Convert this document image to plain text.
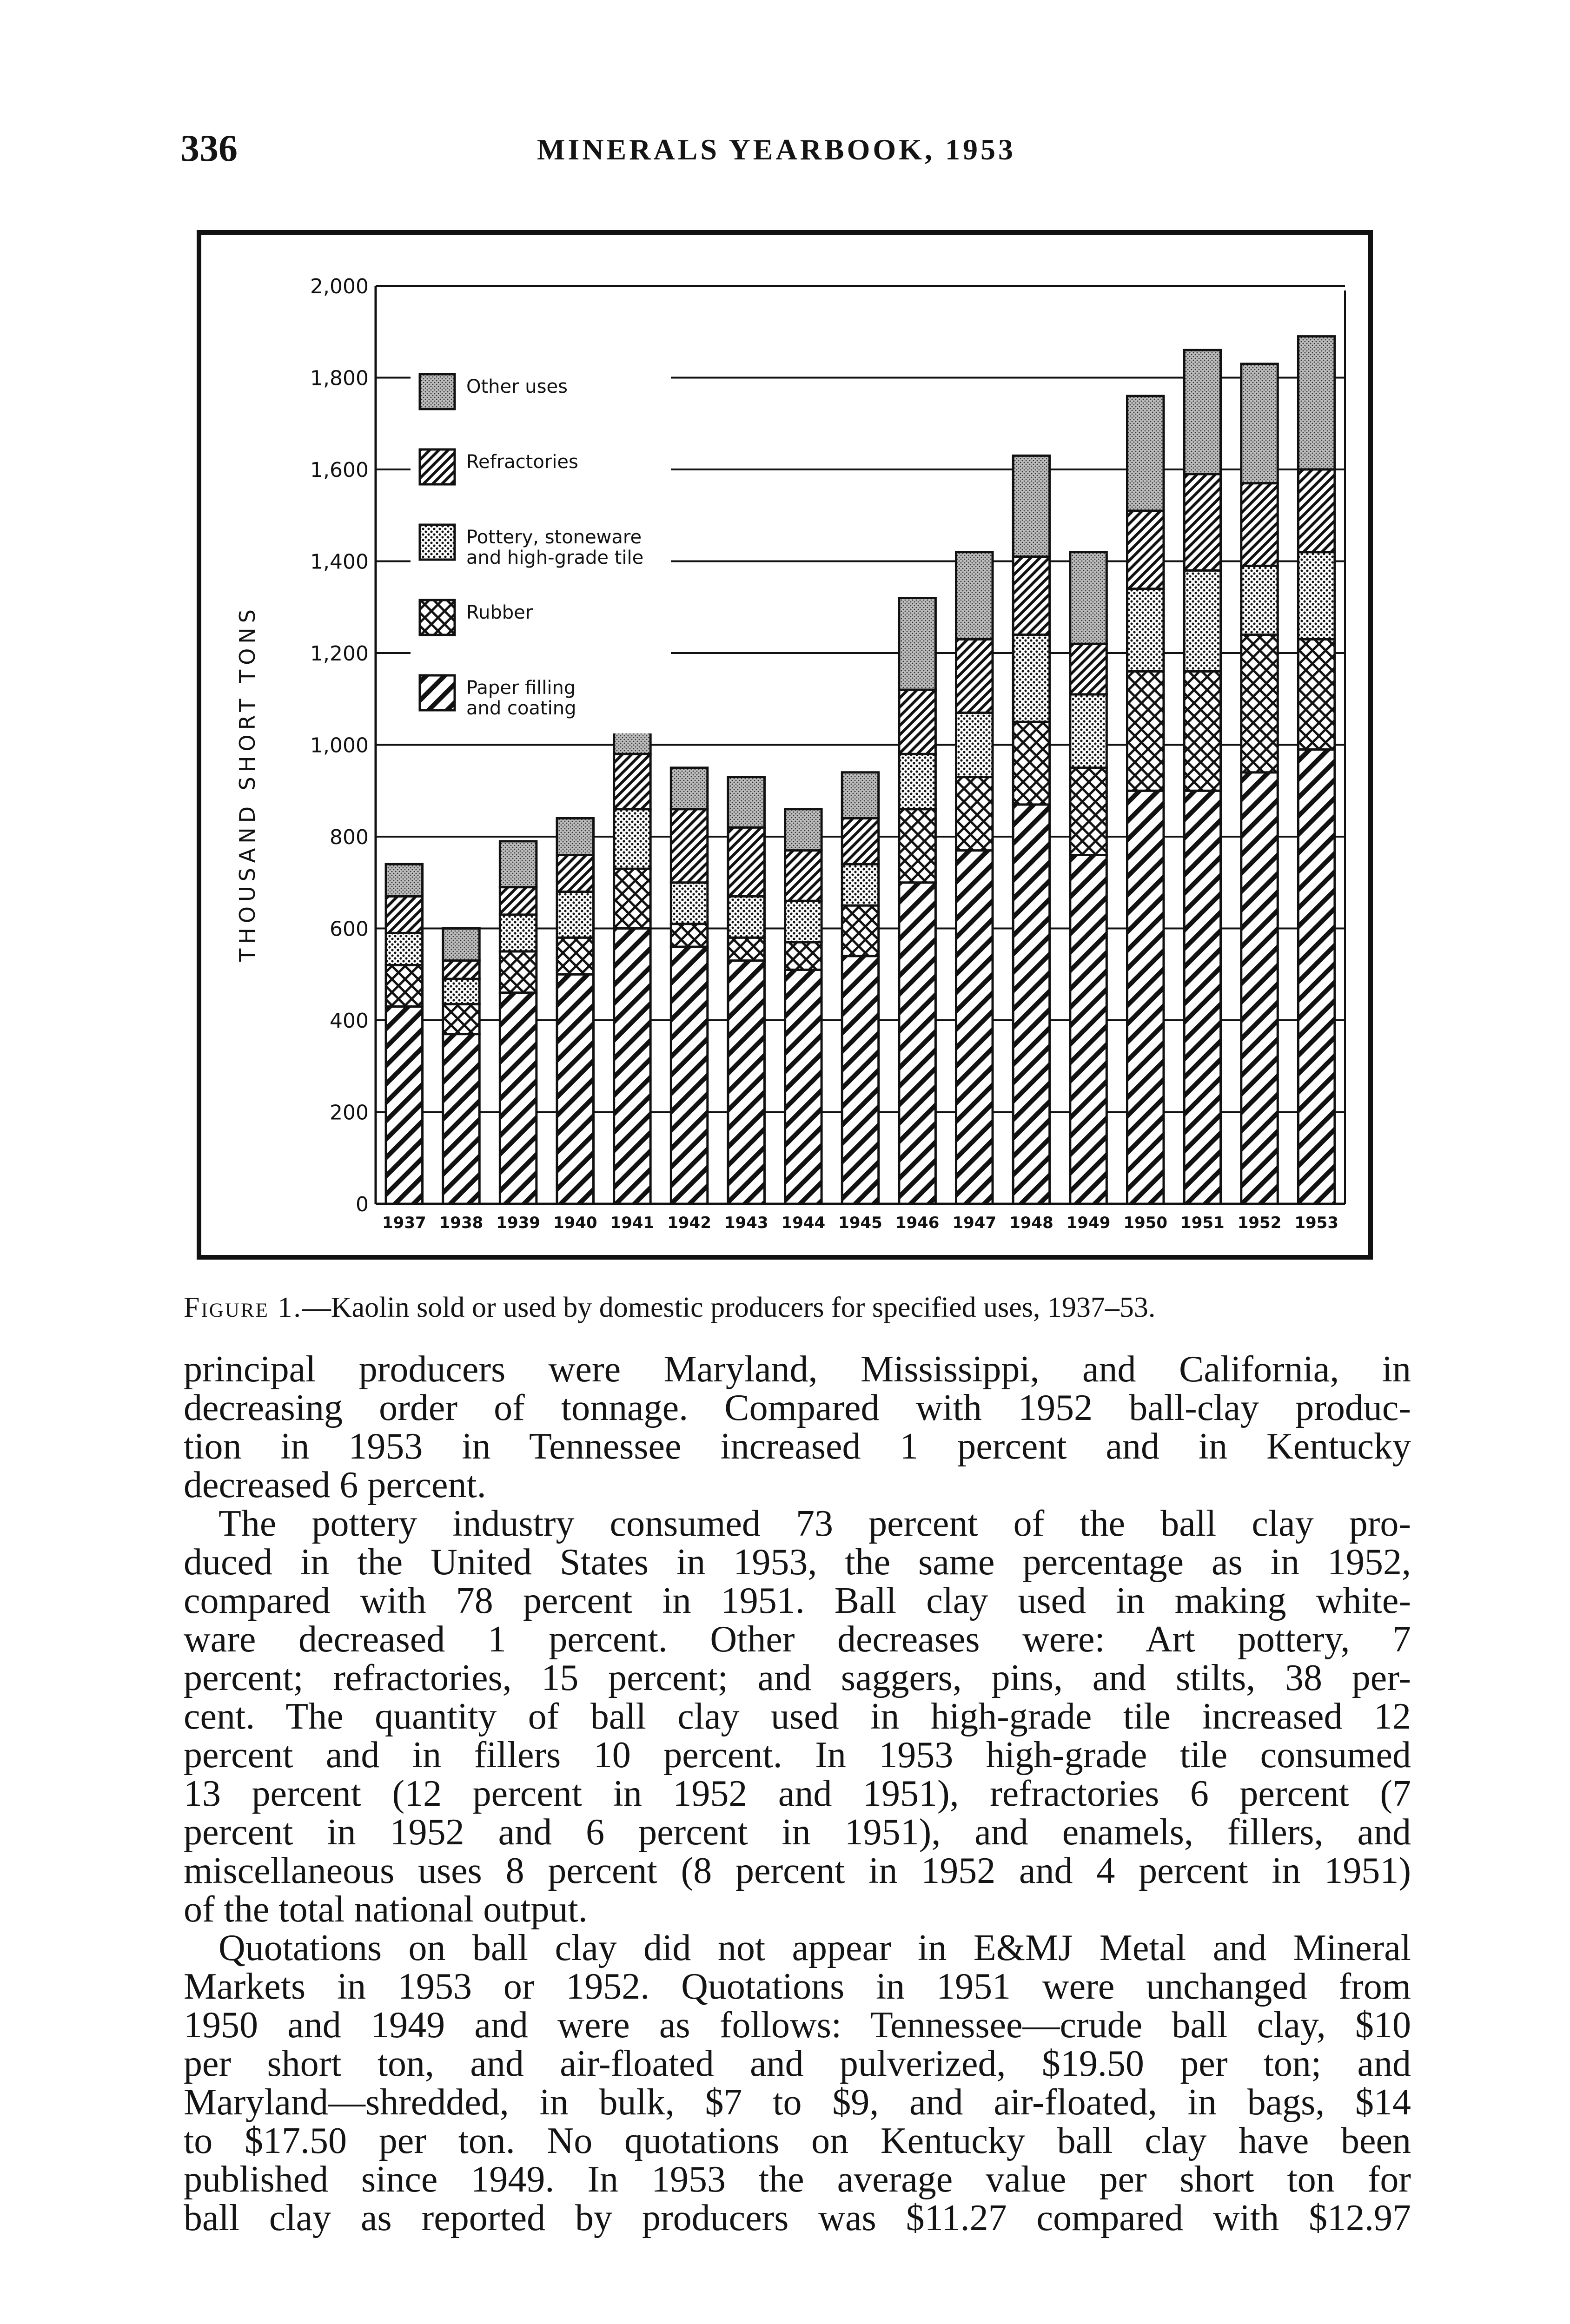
336	MINERALS YEARBOOK, 1953
THOUSAND SHORT TONS
0
200
400
600
800
1,000
1,200
1,400
1,600
1,800
2,000
1937 1938 1939 1940 1941 1942 1943 1944 1945 1946 1947 1948 1949 1950 1951 1952 1953
Other uses
Refractories
Pottery, stoneware and high-grade tile
Rubber
Paper filling and coating
Figure 1.—Kaolin sold or used by domestic producers for specified uses, 1937–53.

principal producers were Maryland, Mississippi, and California, in

decreasing order of tonnage. Compared with 1952 ball-clay produc-

tion in 1953 in Tennessee increased 1 percent and in Kentucky

decreased 6 percent.

The pottery industry consumed 73 percent of the ball clay pro-

duced in the United States in 1953, the same percentage as in 1952,

compared with 78 percent in 1951. Ball clay used in making white-

ware decreased 1 percent. Other decreases were: Art pottery, 7

percent; refractories, 15 percent; and saggers, pins, and stilts, 38 per-

cent. The quantity of ball clay used in high-grade tile increased 12

percent and in fillers 10 percent. In 1953 high-grade tile consumed

13 percent (12 percent in 1952 and 1951), refractories 6 percent (7

percent in 1952 and 6 percent in 1951), and enamels, fillers, and

miscellaneous uses 8 percent (8 percent in 1952 and 4 percent in 1951)

of the total national output.

Quotations on ball clay did not appear in E&MJ Metal and Mineral

Markets in 1953 or 1952. Quotations in 1951 were unchanged from

1950 and 1949 and were as follows: Tennessee—crude ball clay, $10

per short ton, and air-floated and pulverized, $19.50 per ton; and

Maryland—shredded, in bulk, $7 to $9, and air-floated, in bags, $14

to $17.50 per ton. No quotations on Kentucky ball clay have been

published since 1949. In 1953 the average value per short ton for

ball clay as reported by producers was $11.27 compared with $12.97
